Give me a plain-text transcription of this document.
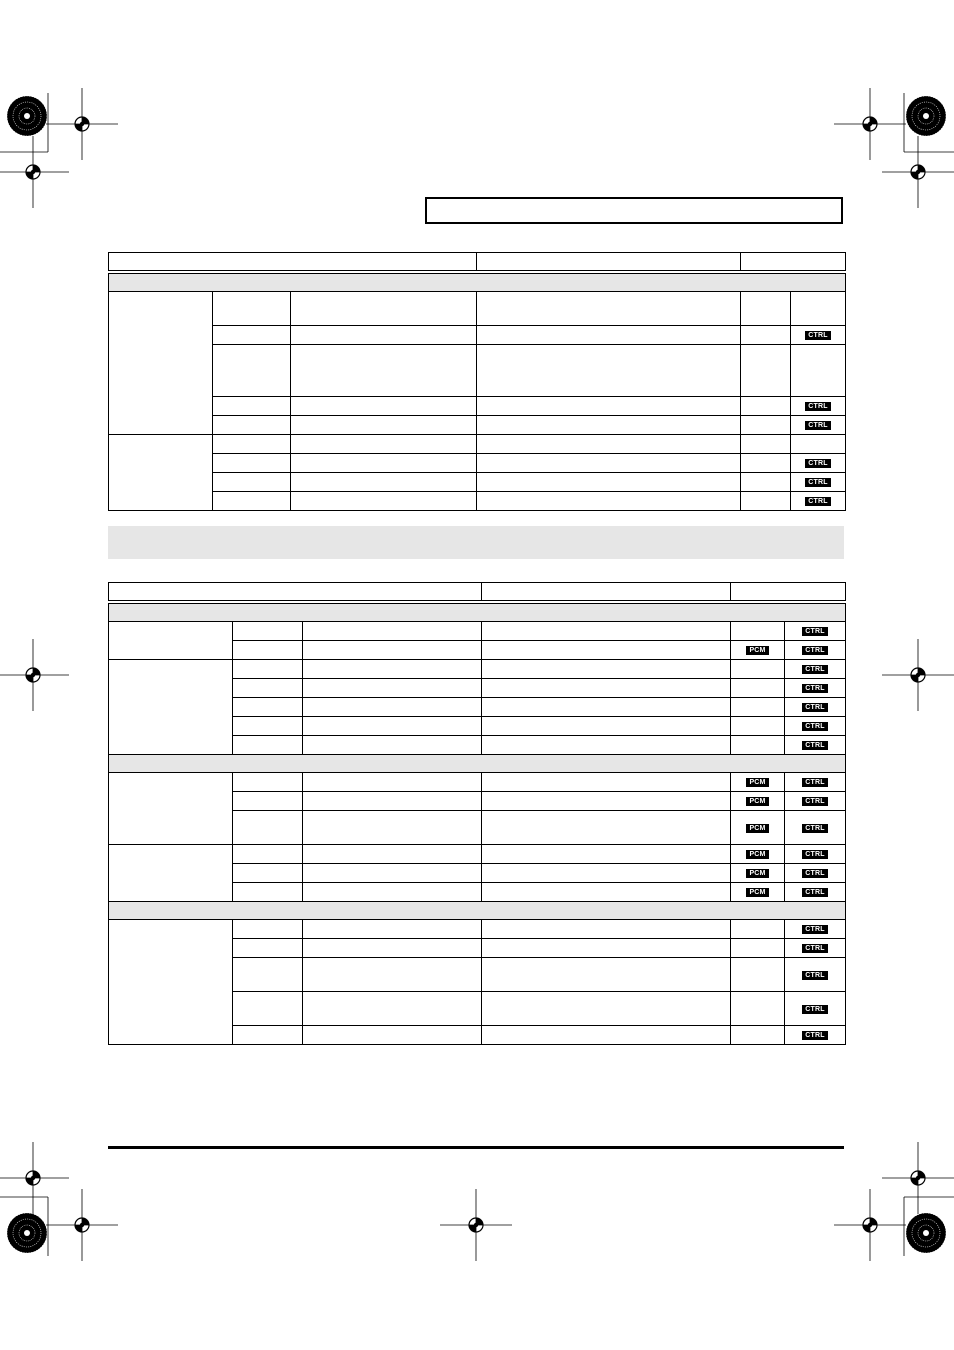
					CTRL

					CTRL
					CTRL

					CTRL
					CTRL
					CTRL

					CTRL
				PCM	CTRL
					CTRL
					CTRL
					CTRL
					CTRL
					CTRL

				PCM	CTRL
				PCM	CTRL
				PCM	CTRL
				PCM	CTRL
				PCM	CTRL
				PCM	CTRL

					CTRL
					CTRL
					CTRL
					CTRL
					CTRL
